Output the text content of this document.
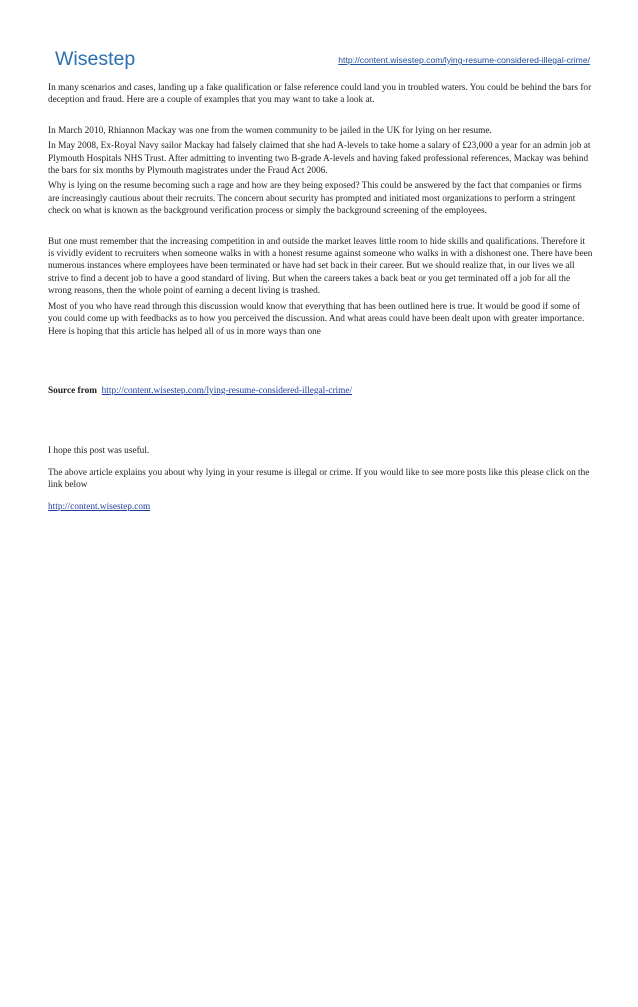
Wisestep	http://content.wisestep.com/lying-resume-considered-illegal-crime/

In many scenarios and cases, landing up a fake qualification or false reference could land you in troubled waters. You could be behind the bars for deception and fraud. Here are a couple of examples that you may want to take a look at.

In March 2010, Rhiannon Mackay was one from the women community to be jailed in the UK for lying on her resume.

In May 2008, Ex-Royal Navy sailor Mackay had falsely claimed that she had A-levels to take home a salary of £23,000 a year for an admin job at Plymouth Hospitals NHS Trust. After admitting to inventing two B-grade A-levels and having faked professional references, Mackay was behind the bars for six months by Plymouth magistrates under the Fraud Act 2006.

Why is lying on the resume becoming such a rage and how are they being exposed? This could be answered by the fact that companies or firms are increasingly cautious about their recruits. The concern about security has prompted and initiated most organizations to perform a stringent check on what is known as the background verification process or simply the background screening of the employees.

But one must remember that the increasing competition in and outside the market leaves little room to hide skills and qualifications. Therefore it is vividly evident to recruiters when someone walks in with a honest resume against someone who walks in with a dishonest one. There have been numerous instances where employees have been terminated or have had set back in their career. But we should realize that, in our lives we all strive to find a decent job to have a good standard of living. But when the careers takes a back beat or you get terminated off a job for all the wrong reasons, then the whole point of earning a decent living is trashed.

Most of you who have read through this discussion would know that everything that has been outlined here is true. It would be good if some of you could come up with feedbacks as to how you perceived the discussion. And what areas could have been dealt upon with greater importance. Here is hoping that this article has helped all of us in more ways than one

Source from http://content.wisestep.com/lying-resume-considered-illegal-crime/

I hope this post was useful.

The above article explains you about why lying in your resume is illegal or crime. If you would like to see more posts like this please click on the link below

http://content.wisestep.com
